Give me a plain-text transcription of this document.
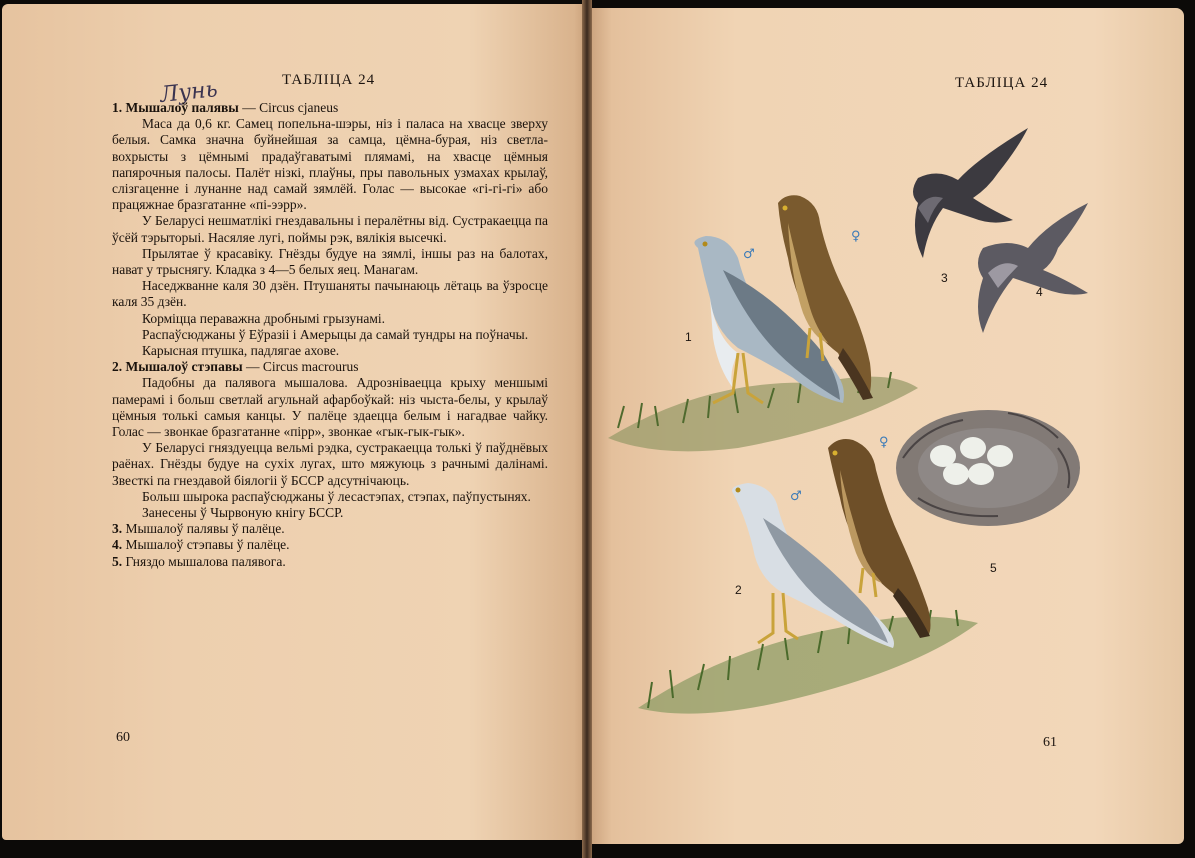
ТАБЛІЦА 24
Лунь

1. Мышалоў палявы — Circus cjaneus

Маса да 0,6 кг. Самец попельна-шэры, ніз і паласа на хвасце зверху белыя. Самка значна буйнейшая за самца, цёмна-бурая, ніз светла-вохрысты з цёмнымі прадаўгаватымі плямамі, на хвасце цёмныя папярочныя палосы. Палёт нізкі, плаўны, пры павольных узмахах крылаў, слізгаценне і лунанне над самай зямлёй. Голас — высокае «гі-гі-гі» або працяжнае бразгатанне «пі-ээрр».

У Беларусі нешматлікі гнездавальны і пералётны від. Сустракаецца па ўсёй тэрыторыі. Насяляе лугі, поймы рэк, вялікія высечкі.

Прылятае ў красавіку. Гнёзды будуе на зямлі, іншы раз на балотах, нават у трыснягу. Кладка з 4—5 белых яец. Манагам.

Наседжванне каля 30 дзён. Птушаняты пачынаюць лётаць ва ўзросце каля 35 дзён.

Корміцца пераважна дробнымі грызунамі.

Распаўсюджаны ў Еўразіі і Амерыцы да самай тундры на поўначы.

Карысная птушка, падлягае ахове.

2. Мышалоў стэпавы — Circus macrourus

Падобны да палявога мышалова. Адрозніваецца крыху меншымі памерамі і больш светлай агульнай афарбоўкай: ніз чыста-белы, у крылаў цёмныя толькі самыя канцы. У палёце здаецца белым і нагадвае чайку. Голас — звонкае бразгатанне «пірр», звонкае «гык-гык-гык».

У Беларусі гняздуецца вельмі рэдка, сустракаецца толькі ў паўднёвых раёнах. Гнёзды будуе на сухіх лугах, што мяжуюць з рачнымі далінамі. Звесткі па гнездавой біялогіі ў БССР адсутнічаюць.

Больш шырока распаўсюджаны ў лесастэпах, стэпах, паўпустынях.

Занесены ў Чырвоную кнігу БССР.

3. Мышалоў палявы ў палёце.

4. Мышалоў стэпавы ў палёце.

5. Гняздо мышалова палявога.

60
ТАБЛІЦА 24
1
2
3
4
5
♂
♀
♂
♀
61
